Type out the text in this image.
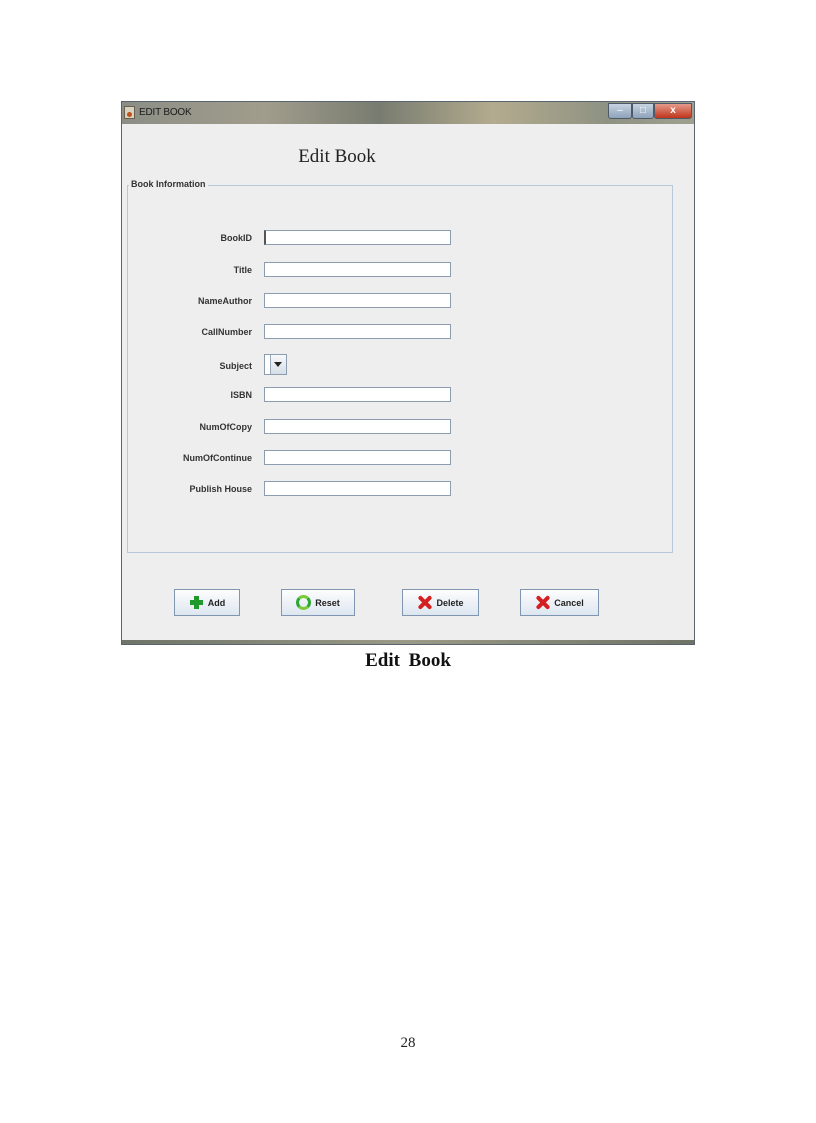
EDIT BOOK	–	□	x
Edit Book
Book Information
BookID
Title
NameAuthor
CallNumber
Subject
ISBN
NumOfCopy
NumOfContinue
Publish House
Add	Reset	Delete	Cancel
Edit Book
28
